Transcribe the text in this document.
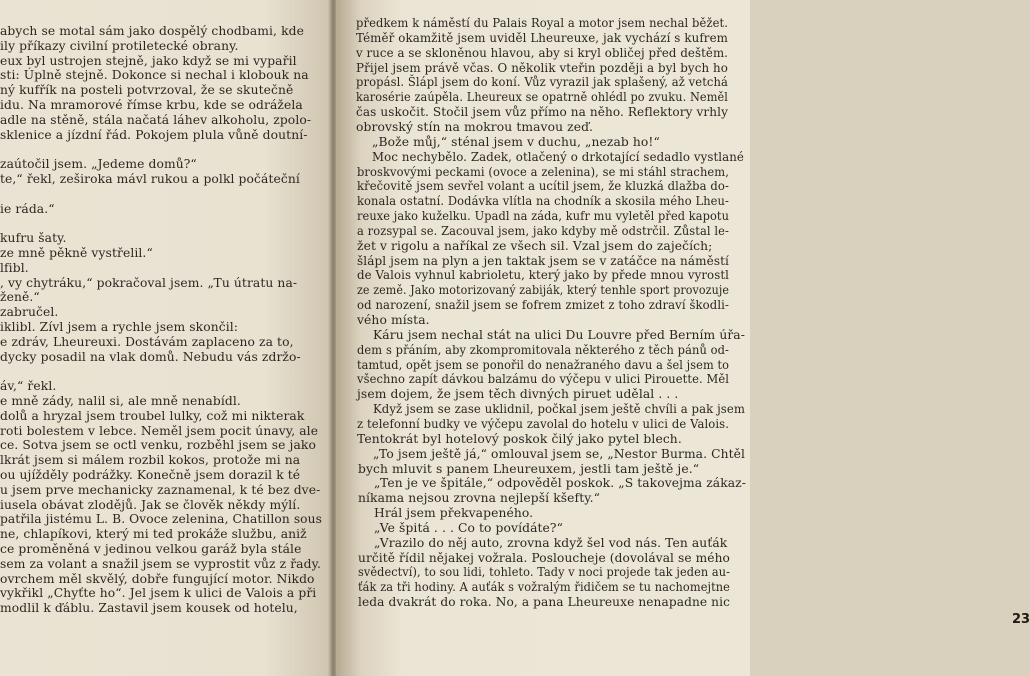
abych se motal sám jako dospělý chodbami, kde
ily příkazy civilní protiletecké obrany.
eux byl ustrojen stejně, jako když se mi vypařil
sti: Úplně stejně. Dokonce si nechal i klobouk na
ný kufřík na posteli potvrzoval, že se skutečně
idu. Na mramorové římse krbu, kde se odrážela
adle na stěně, stála načatá láhev alkoholu, zpolo-
sklenice a jízdní řád. Pokojem plula vůně doutní-
zaútočil jsem. „Jedeme domů?“
te,“ řekl, zeširoka mávl rukou a polkl počáteční
ie ráda.“
kufru šaty.
ze mně pěkně vystřelil.“
lfibl.
, vy chytráku,“ pokračoval jsem. „Tu útratu na-
ženě.“
zabručel.
iklibl. Zívl jsem a rychle jsem skončil:
e zdráv, Lheureuxi. Dostávám zaplaceno za to,
dycky posadil na vlak domů. Nebudu vás zdržo-
áv,“ řekl.
e mně zády, nalil si, ale mně nenabídl.
dolů a hryzal jsem troubel lulky, což mi nikterak
roti bolestem v lebce. Neměl jsem pocit únavy, ale
ce. Sotva jsem se octl venku, rozběhl jsem se jako
lkrát jsem si málem rozbil kokos, protože mi na
ou ujížděly podrážky. Konečně jsem dorazil k té
u jsem prve mechanicky zaznamenal, k té bez dve-
iusela obávat zlodějů. Jak se člověk někdy mýlí.
patřila jistému L. B. Ovoce zelenina, Chatillon sous
ne, chlapíkovi, který mi ted prokáže službu, aniž
ce proměněná v jedinou velkou garáž byla stále
sem za volant a snažil jsem se vyprostit vůz z řady.
ovrchem měl skvělý, dobře fungující motor. Nikdo
vykřikl „Chyťte ho“. Jel jsem k ulici de Valois a při
modlil k ďáblu. Zastavil jsem kousek od hotelu,
23
předkem k náměstí du Palais Royal a motor jsem nechal běžet.
Téměř okamžitě jsem uviděl Lheureuxe, jak vychází s kufrem
v ruce a se skloněnou hlavou, aby si kryl obličej před deštěm.
Přijel jsem právě včas. O několik vteřin později a byl bych ho
propásl. Šlápl jsem do koní. Vůz vyrazil jak splašený, až vetchá
karosérie zaúpěla. Lheureux se opatrně ohlédl po zvuku. Neměl
čas uskočit. Stočil jsem vůz přímo na něho. Reflektory vrhly
obrovský stín na mokrou tmavou zeď.
„Bože můj,“ sténal jsem v duchu, „nezab ho!“
Moc nechybělo. Zadek, otlačený o drkotající sedadlo vystlané
broskvovými peckami (ovoce a zelenina), se mi stáhl strachem,
křečovitě jsem sevřel volant a ucítil jsem, že kluzká dlažba do-
konala ostatní. Dodávka vlítla na chodník a skosila mého Lheu-
reuxe jako kuželku. Upadl na záda, kufr mu vyletěl před kapotu
a rozsypal se. Zacouval jsem, jako kdyby mě odstrčil. Zůstal le-
žet v rigolu a naříkal ze všech sil. Vzal jsem do zaječích;
šlápl jsem na plyn a jen taktak jsem se v zatáčce na náměstí
de Valois vyhnul kabrioletu, který jako by přede mnou vyrostl
ze země. Jako motorizovaný zabiják, který tenhle sport provozuje
od narození, snažil jsem se fofrem zmizet z toho zdraví škodli-
vého místa.
Káru jsem nechal stát na ulici Du Louvre před Berním úřa-
dem s přáním, aby zkompromitovala některého z těch pánů od-
tamtud, opět jsem se ponořil do nenažraného davu a šel jsem to
všechno zapít dávkou balzámu do výčepu v ulici Pirouette. Měl
jsem dojem, že jsem těch divných piruet udělal . . .
Když jsem se zase uklidnil, počkal jsem ještě chvíli a pak jsem
z telefonní budky ve výčepu zavolal do hotelu v ulici de Valois.
Tentokrát byl hotelový poskok čilý jako pytel blech.
„To jsem ještě já,“ omlouval jsem se, „Nestor Burma. Chtěl
bych mluvit s panem Lheureuxem, jestli tam ještě je.“
„Ten je ve špitále,“ odpověděl poskok. „S takovejma zákaz-
níkama nejsou zrovna nejlepší kšefty.“
Hrál jsem překvapeného.
„Ve špitá . . . Co to povídáte?“
„Vrazilo do něj auto, zrovna když šel vod nás. Ten auťák
určitě řídil nějakej vožrala. Posloucheje (dovolával se mého
svědectví), to sou lidi, tohleto. Tady v noci projede tak jeden au-
ťák za tři hodiny. A auťák s vožralým řidičem se tu nachomejtne
leda dvakrát do roka. No, a pana Lheureuxe nenapadne nic
